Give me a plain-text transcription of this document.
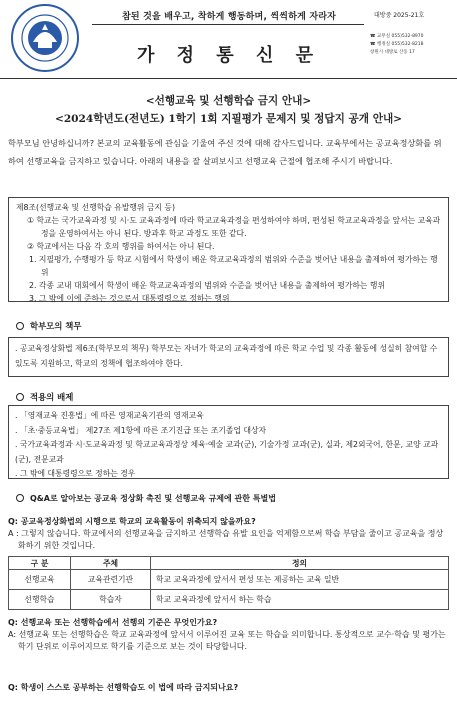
참된 것을 배우고, 착하게 행동하며, 씩씩하게 자라자
가 정 통 신 문
대방중 2025-21호
☎ 교무실 055)532-8970
☎ 행정실 055)532-8218
창원시 대방로 산동 17
<선행교육 및 선행학습 금지 안내>
<2024학년도(전년도) 1학기 1회 지필평가 문제지 및 정답지 공개 안내>
학부모님 안녕하십니까? 본교의 교육활동에 관심을 기울여 주신 것에 대해 감사드립니다. 교육부에서는 공교육정상화를 위하여 선행교육을 금지하고 있습니다. 아래의 내용을 잘 살펴보시고 선행교육 근절에 협조해 주시기 바랍니다.
제8조(선행교육 및 선행학습 유발행위 금지 등)
① 학교는 국가교육과정 및 시·도 교육과정에 따라 학교교육과정을 편성하여야 하며, 편성된 학교교육과정을 앞서는 교육과정을 운영하여서는 아니 된다. 방과후 학교 과정도 또한 같다.
② 학교에서는 다음 각 호의 행위를 하여서는 아니 된다.
1. 지필평가, 수행평가 등 학교 시험에서 학생이 배운 학교교육과정의 범위와 수준을 벗어난 내용을 출제하여 평가하는 행위
2. 각종 교내 대회에서 학생이 배운 학교교육과정의 범위와 수준을 벗어난 내용을 출제하여 평가하는 행위
3. 그 밖에 이에 준하는 것으로서 대통령령으로 정하는 행위
학부모의 책무
. 공교육정상화법 제6조(학부모의 책무) 학부모는 자녀가 학교의 교육과정에 따른 학교 수업 및 각종 활동에 성실히 참여할 수 있도록 지원하고, 학교의 정책에 협조하여야 한다.
적용의 배제
. 「영재교육 진흥법」에 따른 영재교육기관의 영재교육
. 「초·중등교육법」 제27조 제1항에 따른 조기진급 또는 조기졸업 대상자
. 국가교육과정과 시·도교육과정 및 학교교육과정상 체육·예술 교과(군), 기술가정 교과(군), 실과, 제2외국어, 한문, 교양 교과(군), 전문교과
. 그 밖에 대통령령으로 정하는 경우
Q&A로 알아보는 공교육 정상화 촉진 및 선행교육 규제에 관한 특별법
Q: 공교육정상화법의 시행으로 학교의 교육활동이 위축되지 않을까요?
A : 그렇지 않습니다. 학교에서의 선행교육을 금지하고 선행학습 유발 요인을 억제함으로써 학습 부담을 줄이고 공교육을 정상화하기 위한 것입니다.
구 분	주체	정의
선행교육	교육관련기관	학교 교육과정에 앞서서 편성 또는 제공하는 교육 일반
선행학습	학습자	학교 교육과정에 앞서서 하는 학습
Q: 선행교육 또는 선행학습에서 선행의 기준은 무엇인가요?
A: 선행교육 또는 선행학습은 학교 교육과정에 앞서서 이루어진 교육 또는 학습을 의미합니다. 통상적으로 교수·학습 및 평가는 학기 단위로 이루어지므로 학기를 기준으로 보는 것이 타당합니다.
Q: 학생이 스스로 공부하는 선행학습도 이 법에 따라 금지되나요?
